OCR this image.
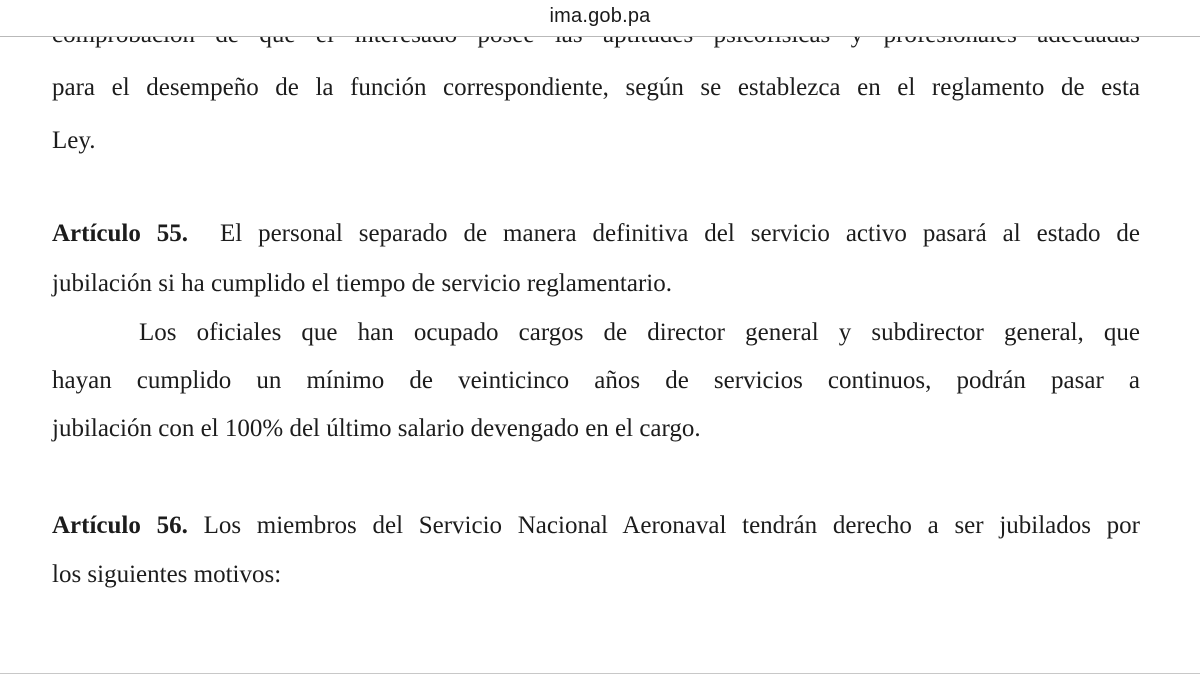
ima.gob.pa
para el desempeño de la función correspondiente, según se establezca en el reglamento de esta
Ley.
Artículo 55. El personal separado de manera definitiva del servicio activo pasará al estado de
jubilación si ha cumplido el tiempo de servicio reglamentario.
Los oficiales que han ocupado cargos de director general y subdirector general, que
hayan cumplido un mínimo de veinticinco años de servicios continuos, podrán pasar a
jubilación con el 100% del último salario devengado en el cargo.
Artículo 56. Los miembros del Servicio Nacional Aeronaval tendrán derecho a ser jubilados por
los siguientes motivos:
